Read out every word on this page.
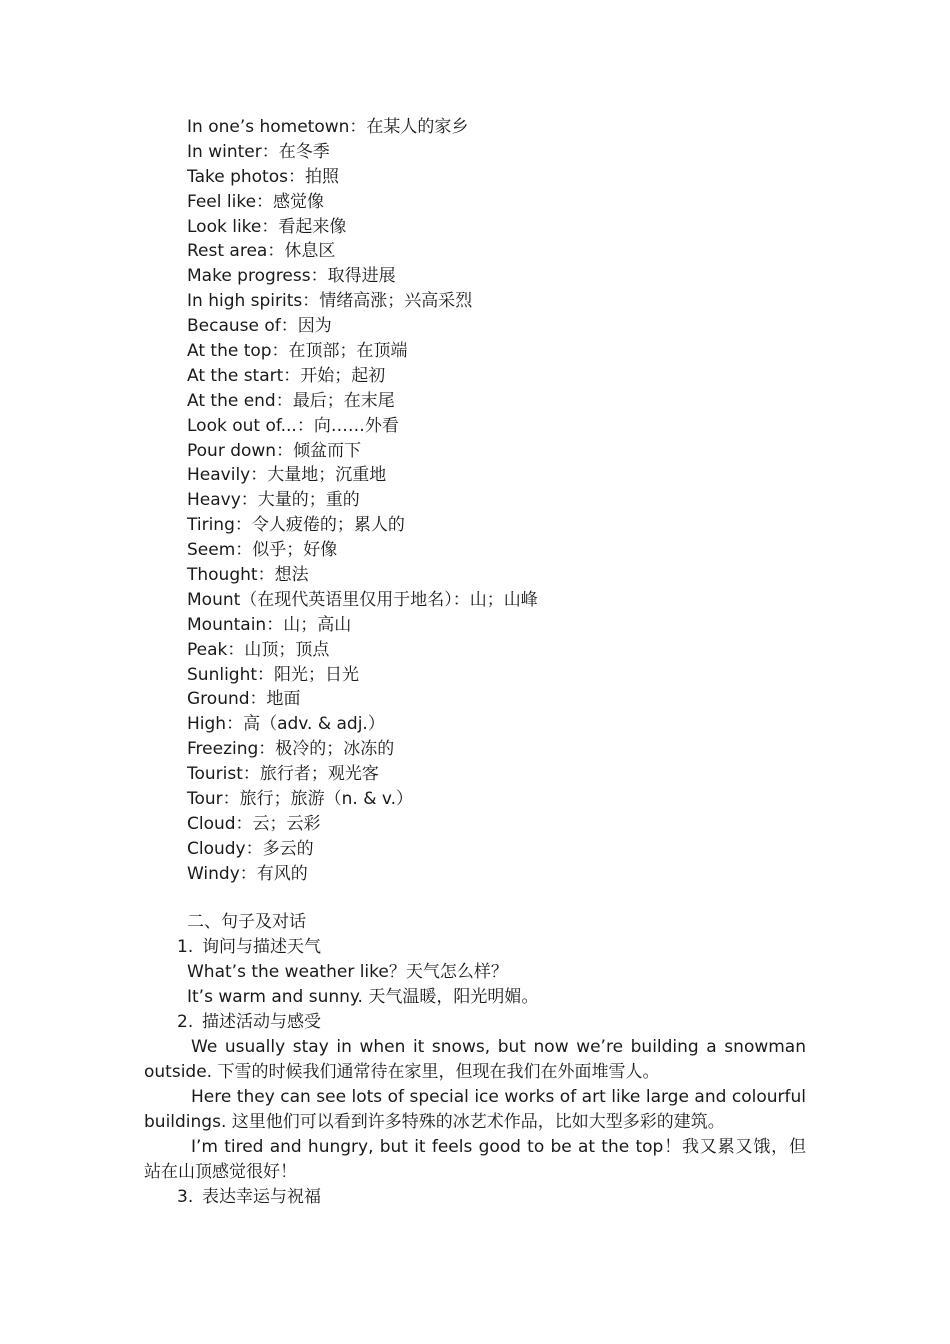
In one’s hometown：在某人的家乡
In winter：在冬季
Take photos：拍照
Feel like：感觉像
Look like：看起来像
Rest area：休息区
Make progress：取得进展
In high spirits：情绪高涨；兴高采烈
Because of：因为
At the top：在顶部；在顶端
At the start：开始；起初
At the end：最后；在末尾
Look out of...：向……外看
Pour down：倾盆而下
Heavily：大量地；沉重地
Heavy：大量的；重的
Tiring：令人疲倦的；累人的
Seem：似乎；好像
Thought：想法
Mount（在现代英语里仅用于地名）：山；山峰
Mountain：山；高山
Peak：山顶；顶点
Sunlight：阳光；日光
Ground：地面
High：高（adv. & adj.）
Freezing：极冷的；冰冻的
Tourist：旅行者；观光客
Tour：旅行；旅游（n. & v.）
Cloud：云；云彩
Cloudy：多云的
Windy：有风的
二、句子及对话
1. 询问与描述天气
What’s the weather like？天气怎么样？
It’s warm and sunny. 天气温暖，阳光明媚。
2. 描述活动与感受
We usually stay in when it snows, but now we’re building a snowman outside. 下雪的时候我们通常待在家里，但现在我们在外面堆雪人。
Here they can see lots of special ice works of art like large and colourful buildings. 这里他们可以看到许多特殊的冰艺术作品，比如大型多彩的建筑。
I’m tired and hungry, but it feels good to be at the top！我又累又饿，但站在山顶感觉很好！
3. 表达幸运与祝福
